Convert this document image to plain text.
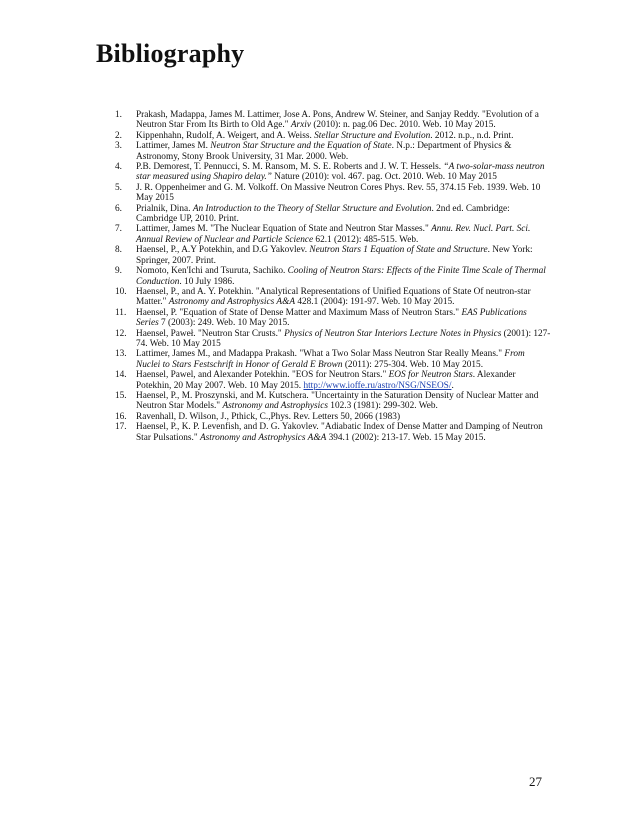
Bibliography
1.	Prakash, Madappa, James M. Lattimer, Jose A. Pons, Andrew W. Steiner, and Sanjay Reddy. "Evolution of a Neutron Star From Its Birth to Old Age." Arxiv (2010): n. pag.06 Dec. 2010. Web. 10 May 2015.
2.	Kippenhahn, Rudolf, A. Weigert, and A. Weiss. Stellar Structure and Evolution. 2012. n.p., n.d. Print.
3.	Lattimer, James M. Neutron Star Structure and the Equation of State. N.p.: Department of Physics & Astronomy, Stony Brook University, 31 Mar. 2000. Web.
4.	P.B. Demorest, T. Pennucci, S. M. Ransom, M. S. E. Roberts and J. W. T. Hessels. “A two-solar-mass neutron star measured using Shapiro delay.” Nature (2010): vol. 467. pag. Oct. 2010. Web. 10 May 2015
5.	J. R. Oppenheimer and G. M. Volkoff. On Massive Neutron Cores Phys. Rev. 55, 374.15 Feb. 1939. Web. 10 May 2015
6.	Prialnik, Dina. An Introduction to the Theory of Stellar Structure and Evolution. 2nd ed. Cambridge: Cambridge UP, 2010. Print.
7.	Lattimer, James M. "The Nuclear Equation of State and Neutron Star Masses." Annu. Rev. Nucl. Part. Sci. Annual Review of Nuclear and Particle Science 62.1 (2012): 485-515. Web.
8.	Haensel, P., A.Y Potekhin, and D.G Yakovlev. Neutron Stars 1 Equation of State and Structure. New York: Springer, 2007. Print.
9.	Nomoto, Ken'Ichi and Tsuruta, Sachiko. Cooling of Neutron Stars: Effects of the Finite Time Scale of Thermal Conduction. 10 July 1986.
10.	Haensel, P., and A. Y. Potekhin. "Analytical Representations of Unified Equations of State Of neutron-star Matter." Astronomy and Astrophysics A&A 428.1 (2004): 191-97. Web. 10 May 2015.
11.	Haensel, P. "Equation of State of Dense Matter and Maximum Mass of Neutron Stars." EAS Publications Series 7 (2003): 249. Web. 10 May 2015.
12.	Haensel, Paweł. "Neutron Star Crusts." Physics of Neutron Star Interiors Lecture Notes in Physics (2001): 127-74. Web. 10 May 2015
13.	Lattimer, James M., and Madappa Prakash. "What a Two Solar Mass Neutron Star Really Means." From Nuclei to Stars Festschrift in Honor of Gerald E Brown (2011): 275-304. Web. 10 May 2015.
14.	Haensel, Pawel, and Alexander Potekhin. "EOS for Neutron Stars." EOS for Neutron Stars. Alexander Potekhin, 20 May 2007. Web. 10 May 2015. http://www.ioffe.ru/astro/NSG/NSEOS/.
15.	Haensel, P., M. Proszynski, and M. Kutschera. "Uncertainty in the Saturation Density of Nuclear Matter and Neutron Star Models." Astronomy and Astrophysics 102.3 (1981): 299-302. Web.
16.	Ravenhall, D. Wilson, J., Pthick, C.,Phys. Rev. Letters 50, 2066 (1983)
17.	Haensel, P., K. P. Levenfish, and D. G. Yakovlev. "Adiabatic Index of Dense Matter and Damping of Neutron Star Pulsations." Astronomy and Astrophysics A&A 394.1 (2002): 213-17. Web. 15 May 2015.
27
